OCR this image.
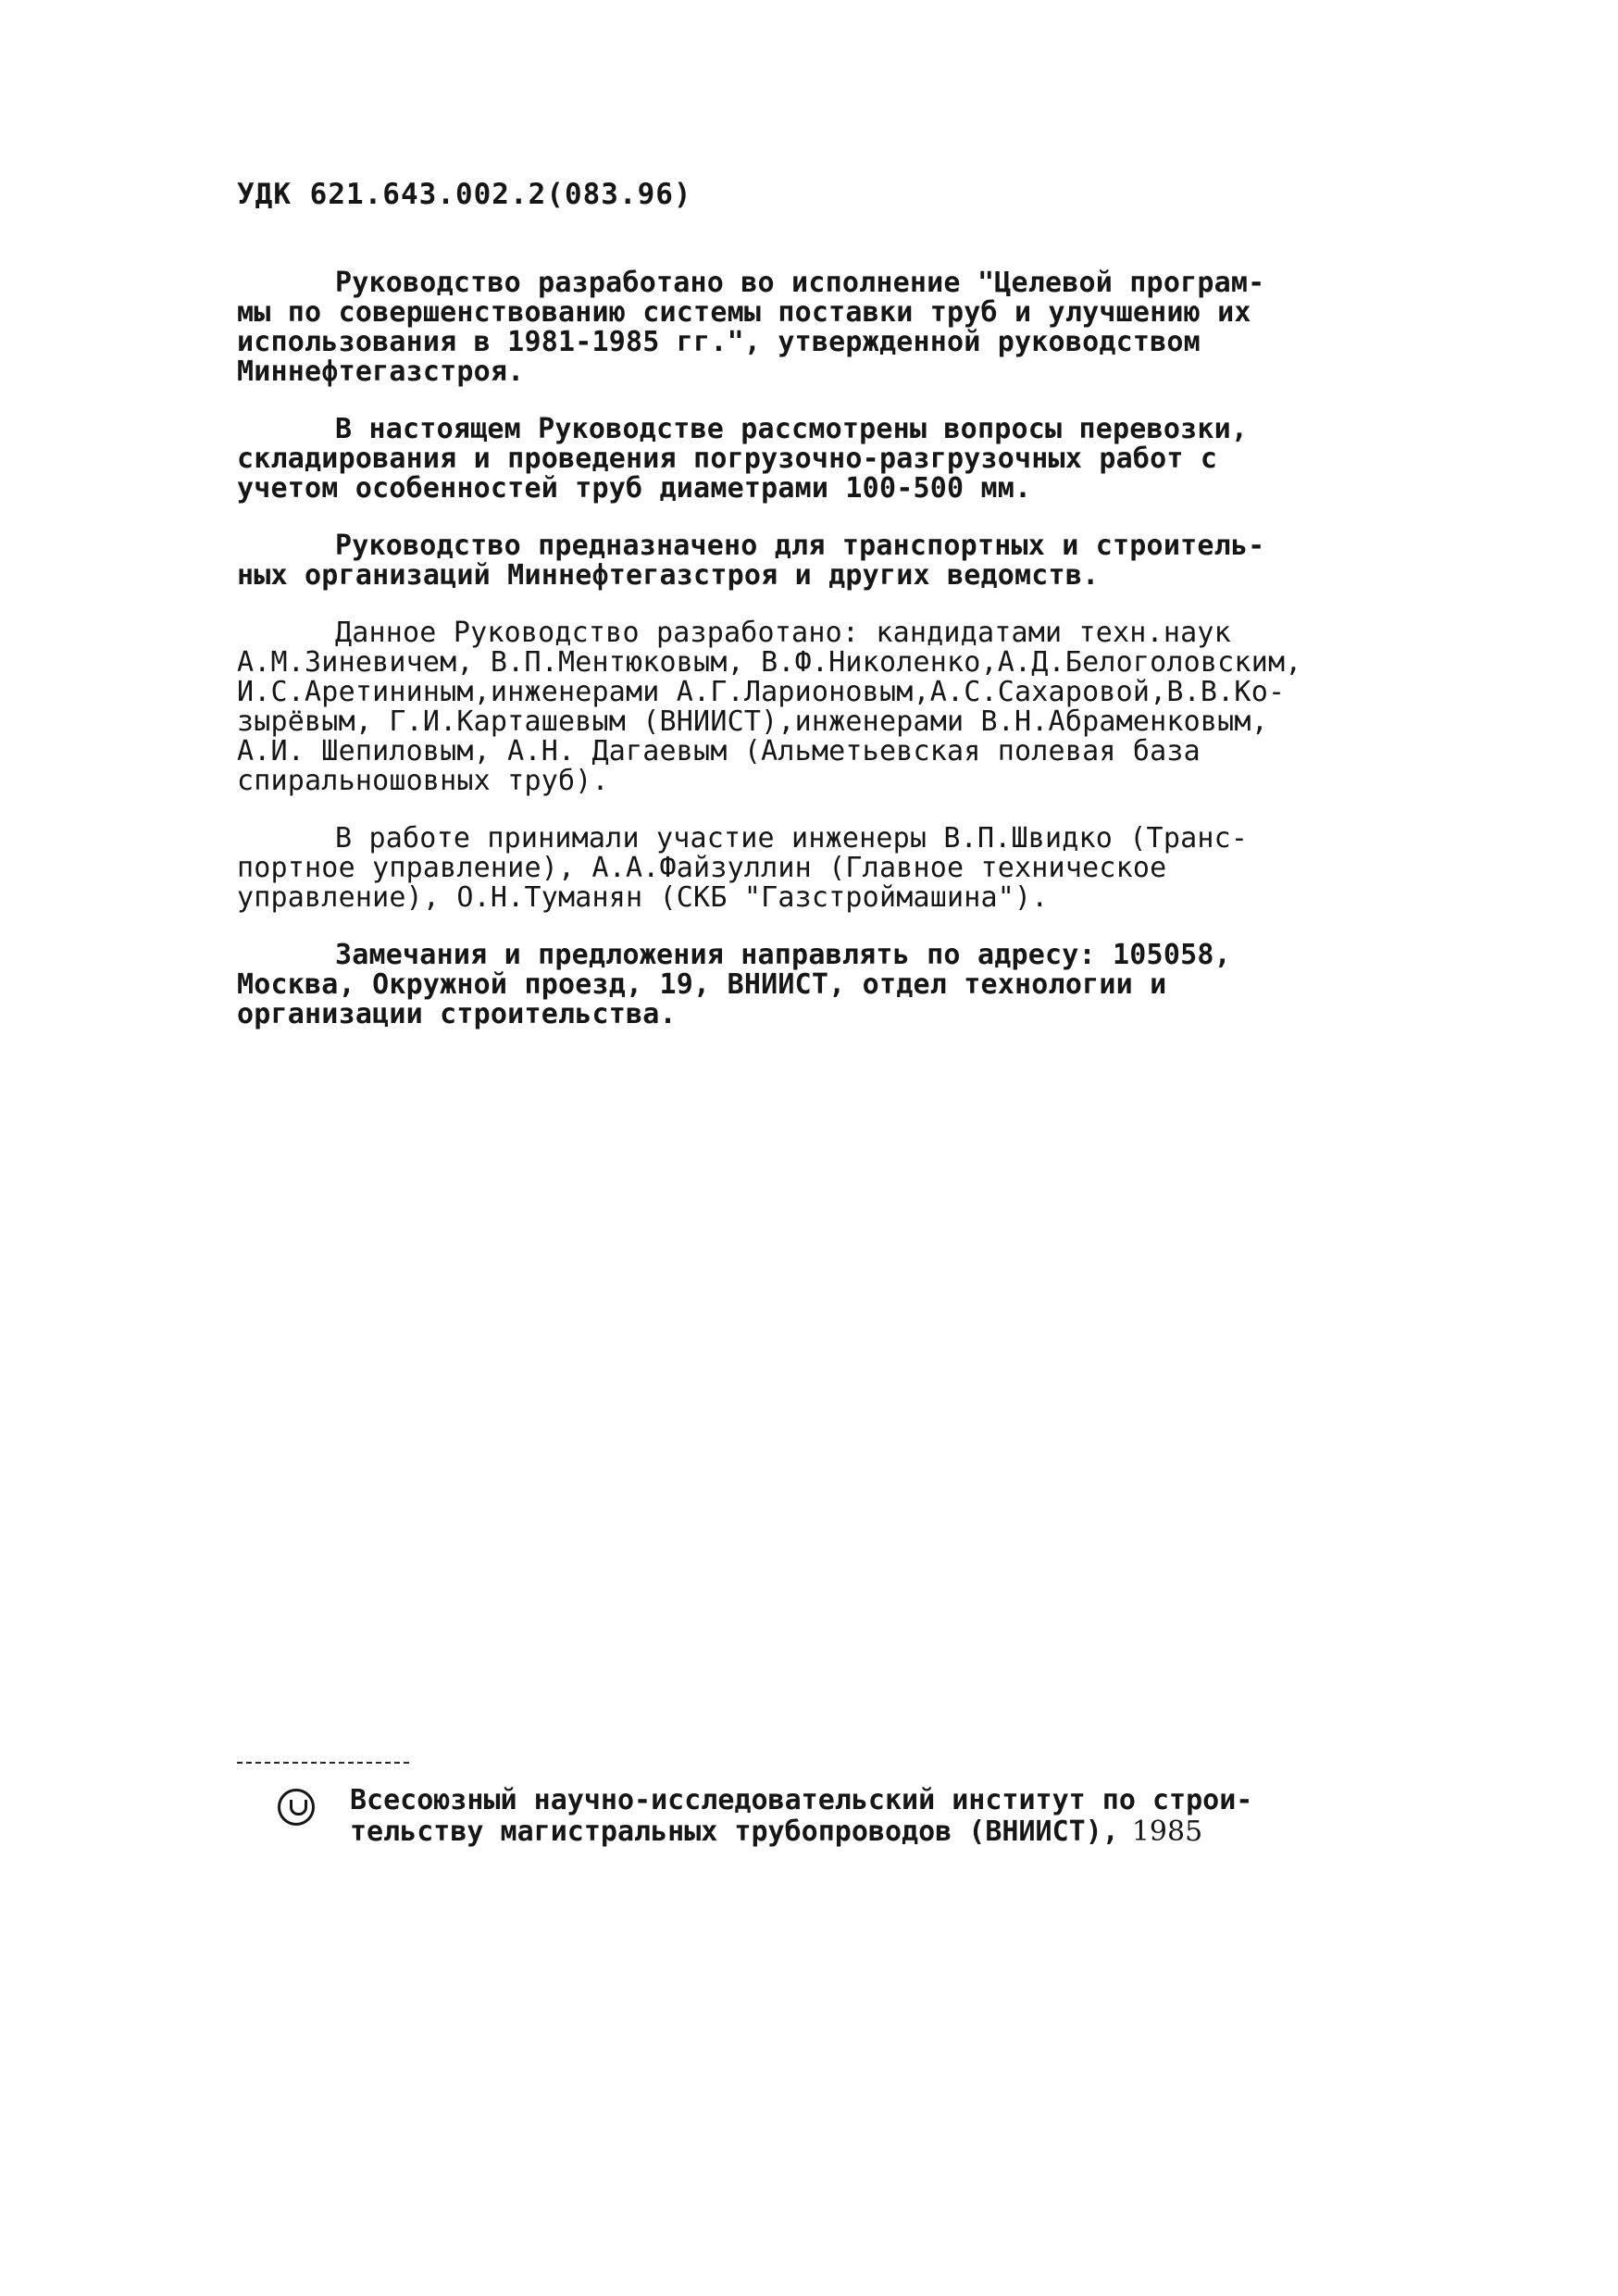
УДК 621.643.002.2(083.96)

Руководство разработано во исполнение "Целевой програм-
мы по совершенствованию системы поставки труб и улучшению их
использования в 1981-1985 гг.", утвержденной руководством
Миннефтегазстроя.

В настоящем Руководстве рассмотрены вопросы перевозки,
складирования и проведения погрузочно-разгрузочных работ с
учетом особенностей труб диаметрами 100-500 мм.

Руководство предназначено для транспортных и строитель-
ных организаций Миннефтегазстроя и других ведомств.

Данное Руководство разработано: кандидатами техн.наук
А.М.Зиневичем, В.П.Ментюковым, В.Ф.Николенко,А.Д.Белоголовским,
И.С.Аретининым,инженерами А.Г.Ларионовым,А.С.Сахаровой,В.В.Ко-
зырёвым, Г.И.Карташевым (ВНИИСТ),инженерами В.Н.Абраменковым,
А.И. Шепиловым, А.Н. Дагаевым (Альметьевская полевая база
спиральношовных труб).

В работе принимали участие инженеры В.П.Швидко (Транс-
портное управление), А.А.Файзуллин (Главное техническое
управление), О.Н.Туманян (СКБ "Газстроймашина").

Замечания и предложения направлять по адресу: 105058,
Москва, Окружной проезд, 19, ВНИИСТ, отдел технологии и
организации строительства.

Всесоюзный научно-исследовательский институт по строи-
тельству магистральных трубопроводов (ВНИИСТ), 1985
